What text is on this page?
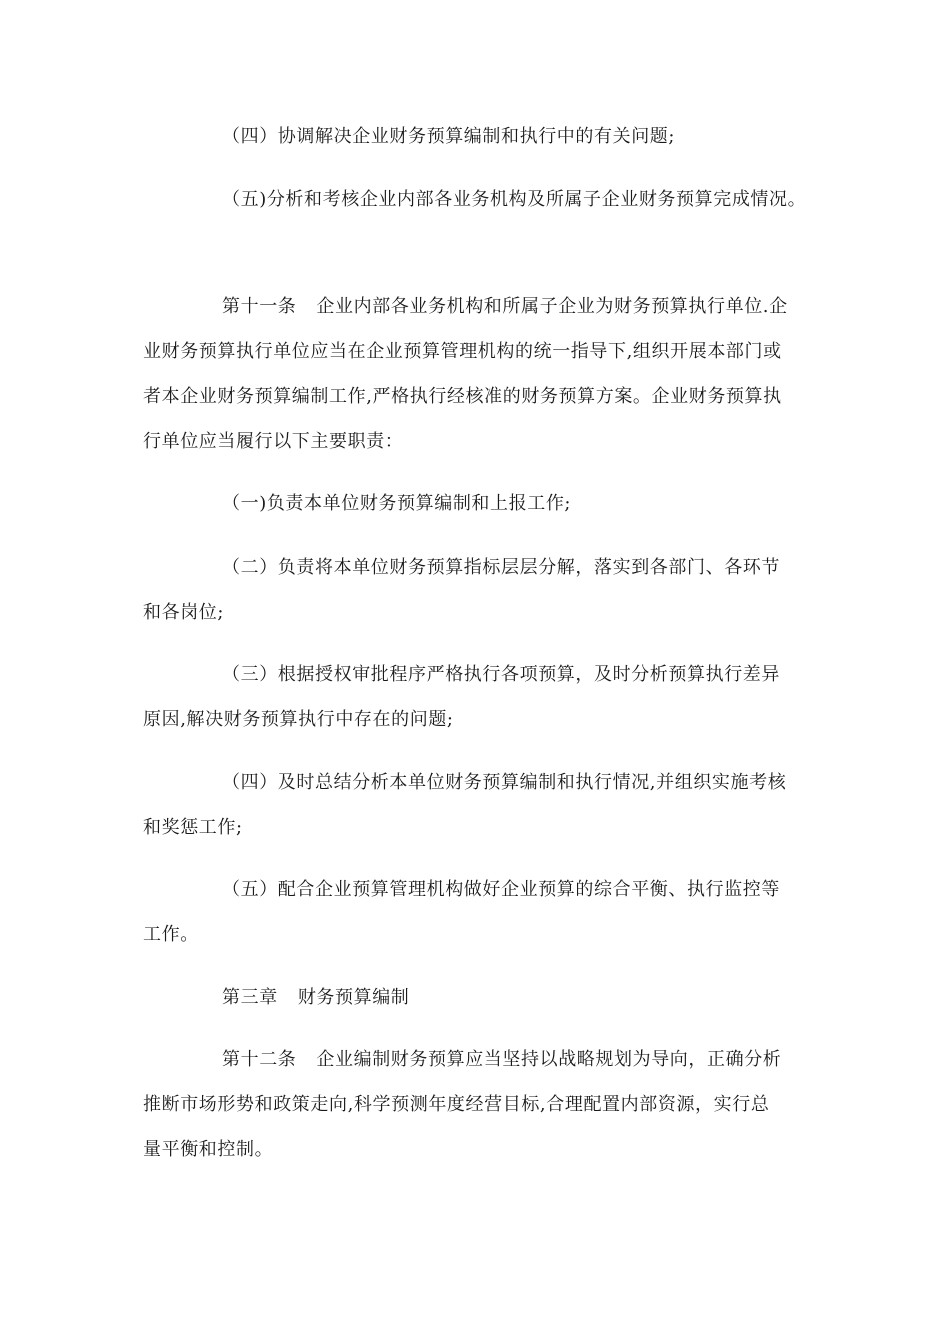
（四）协调解决企业财务预算编制和执行中的有关问题;
（五)分析和考核企业内部各业务机构及所属子企业财务预算完成情况。
第十一条 企业内部各业务机构和所属子企业为财务预算执行单位.企
业财务预算执行单位应当在企业预算管理机构的统一指导下,组织开展本部门或
者本企业财务预算编制工作,严格执行经核准的财务预算方案。企业财务预算执
行单位应当履行以下主要职责：
（一)负责本单位财务预算编制和上报工作;
（二）负责将本单位财务预算指标层层分解，落实到各部门、各环节
和各岗位;
（三）根据授权审批程序严格执行各项预算，及时分析预算执行差异
原因,解决财务预算执行中存在的问题;
（四）及时总结分析本单位财务预算编制和执行情况,并组织实施考核
和奖惩工作;
（五）配合企业预算管理机构做好企业预算的综合平衡、执行监控等
工作。
第三章 财务预算编制
第十二条 企业编制财务预算应当坚持以战略规划为导向，正确分析
推断市场形势和政策走向,科学预测年度经营目标,合理配置内部资源，实行总
量平衡和控制。
